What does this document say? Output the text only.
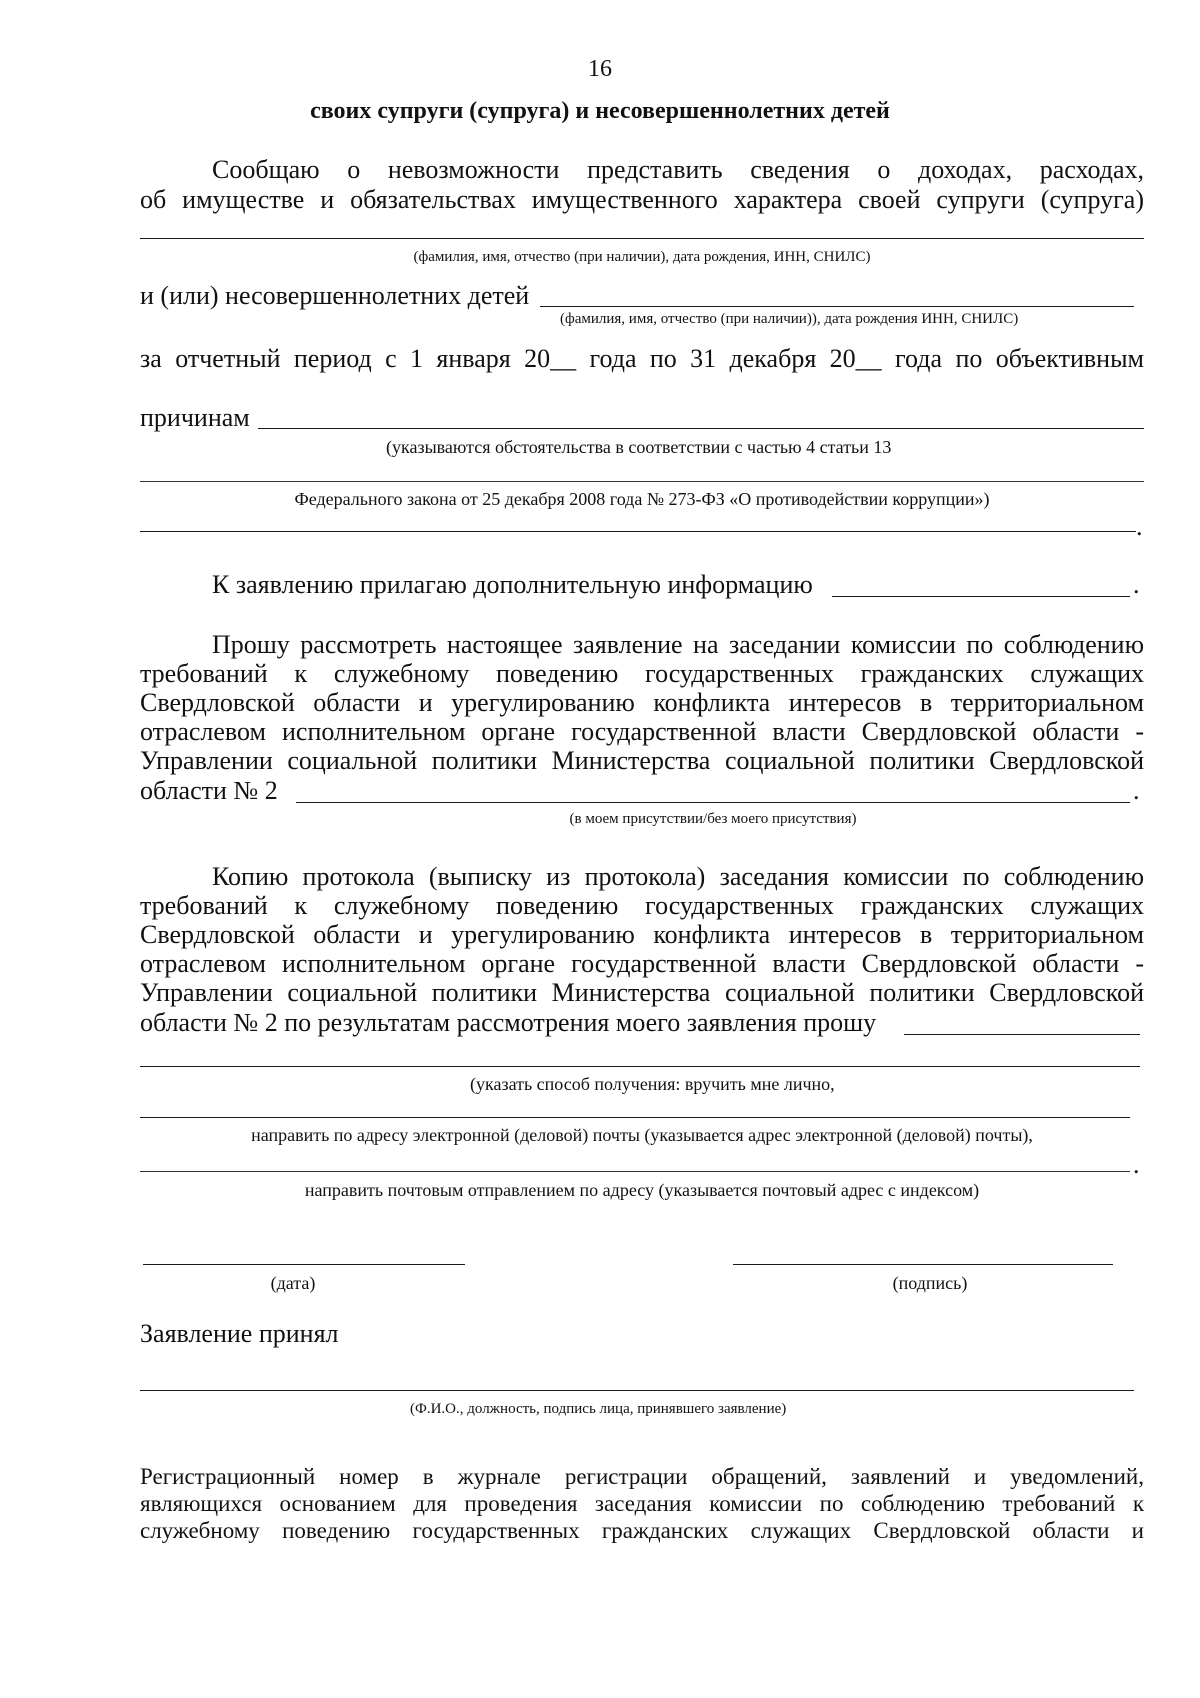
16
своих супруги (супруга) и несовершеннолетних детей
Сообщаю о невозможности представить сведения о доходах, расходах,
об имуществе и обязательствах имущественного характера своей супруги (супруга)
(фамилия, имя, отчество (при наличии), дата рождения, ИНН, СНИЛС)
и (или) несовершеннолетних детей
(фамилия, имя, отчество (при наличии)), дата рождения ИНН, СНИЛС)
за отчетный период с 1 января 20__ года по 31 декабря 20__ года по объективным
причинам
(указываются обстоятельства в соответствии с частью 4 статьи 13
Федерального закона от 25 декабря 2008 года № 273-ФЗ «О противодействии коррупции»)
.
К заявлению прилагаю дополнительную информацию	.
Прошу рассмотреть настоящее заявление на заседании комиссии по соблюдению
требований к служебному поведению государственных гражданских служащих
Свердловской области и урегулированию конфликта интересов в территориальном
отраслевом исполнительном органе государственной власти Свердловской области -
Управлении социальной политики Министерства социальной политики Свердловской
области № 2	.
(в моем присутствии/без моего присутствия)
Копию протокола (выписку из протокола) заседания комиссии по соблюдению
требований к служебному поведению государственных гражданских служащих
Свердловской области и урегулированию конфликта интересов в территориальном
отраслевом исполнительном органе государственной власти Свердловской области -
Управлении социальной политики Министерства социальной политики Свердловской
области № 2 по результатам рассмотрения моего заявления прошу
(указать способ получения: вручить мне лично,
направить по адресу электронной (деловой) почты (указывается адрес электронной (деловой) почты),
.
направить почтовым отправлением по адресу (указывается почтовый адрес с индексом)
(дата)	(подпись)
Заявление принял
(Ф.И.О., должность, подпись лица, принявшего заявление)
Регистрационный номер в журнале регистрации обращений, заявлений и уведомлений,
являющихся основанием для проведения заседания комиссии по соблюдению требований к
служебному поведению государственных гражданских служащих Свердловской области и
